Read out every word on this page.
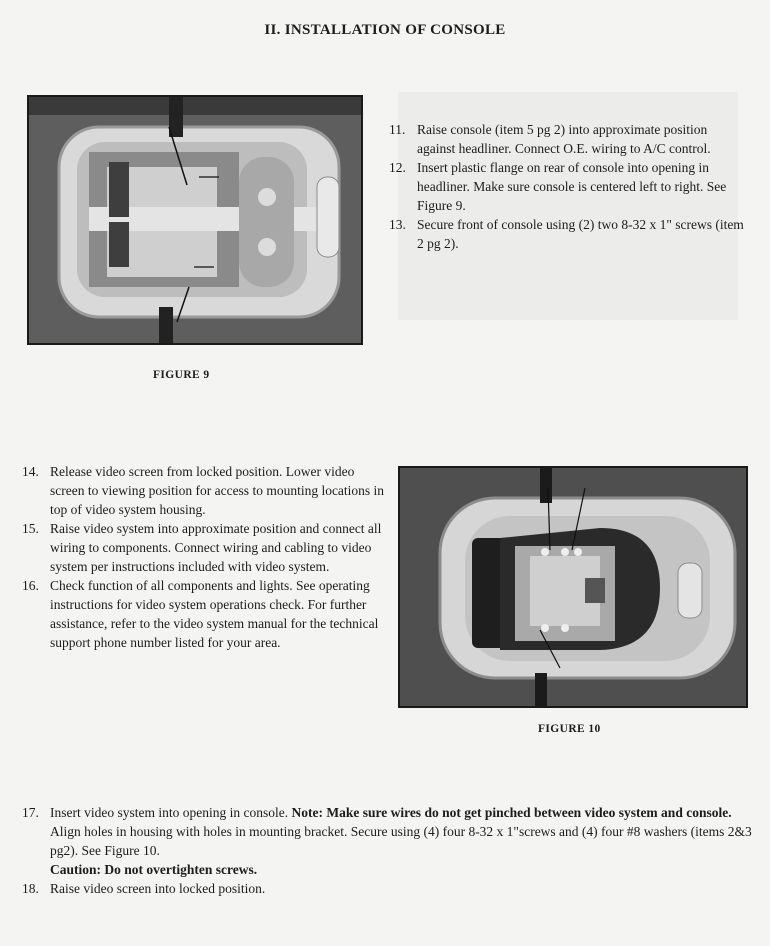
II. INSTALLATION OF CONSOLE
FIGURE 9
11. Raise console (item 5 pg 2) into approximate position against headliner. Connect O.E. wiring to A/C control.
12. Insert plastic flange on rear of console into opening in headliner. Make sure console is centered left to right. See Figure 9.
13. Secure front of console using (2) two 8-32 x 1" screws (item 2 pg 2).
14. Release video screen from locked position. Lower video screen to viewing position for access to mounting locations in top of video system housing.
15. Raise video system into approximate position and connect all wiring to components. Connect wiring and cabling to video system per instructions included with video system.
16. Check function of all components and lights. See operating instructions for video system operations check. For further assistance, refer to the video system manual for the technical support phone number listed for your area.
FIGURE 10
17. Insert video system into opening in console. Note: Make sure wires do not get pinched between video system and console. Align holes in housing with holes in mounting bracket. Secure using (4) four 8-32 x 1"screws and (4) four #8 washers (items 2&3 pg2). See Figure 10.
Caution: Do not overtighten screws.
18. Raise video screen into locked position.
